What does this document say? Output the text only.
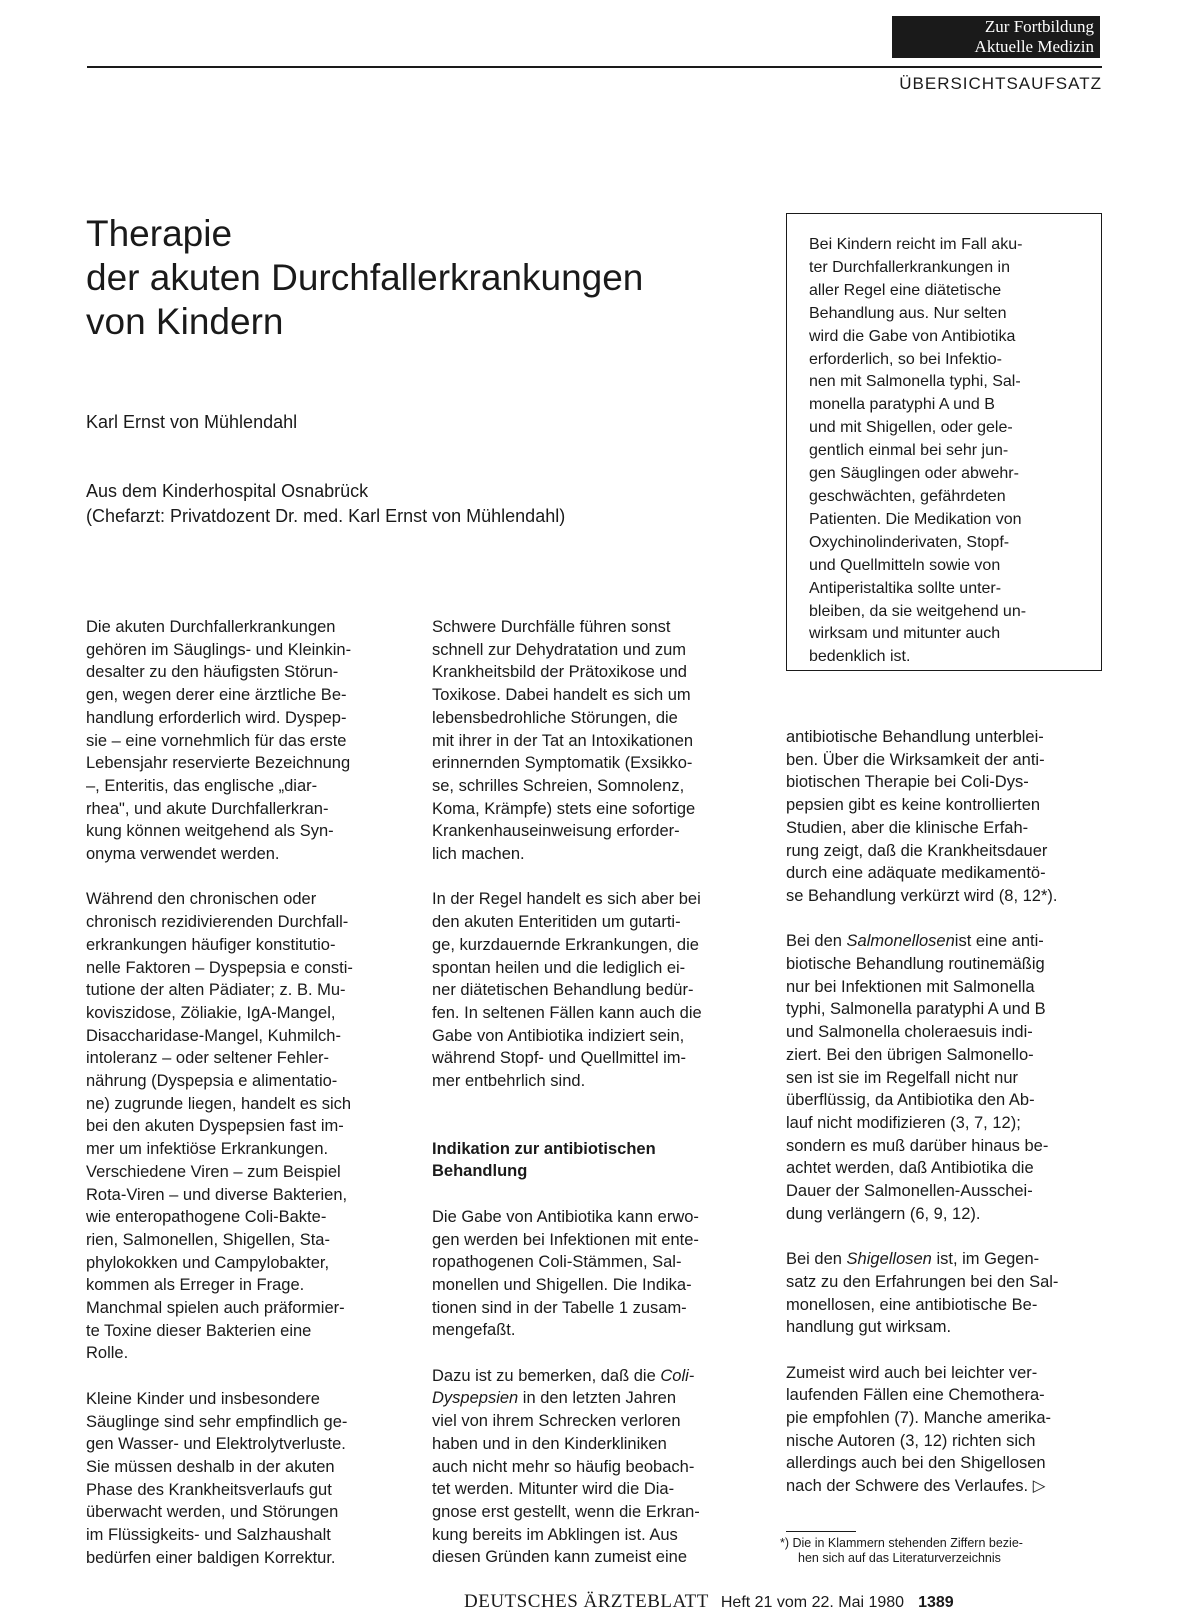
Zur Fortbildung
Aktuelle Medizin
ÜBERSICHTSAUFSATZ
Therapie
der akuten Durchfallerkrankungen
von Kindern
Karl Ernst von Mühlendahl
Aus dem Kinderhospital Osnabrück
(Chefarzt: Privatdozent Dr. med. Karl Ernst von Mühlendahl)
Bei Kindern reicht im Fall aku-
ter Durchfallerkrankungen in
aller Regel eine diätetische
Behandlung aus. Nur selten
wird die Gabe von Antibiotika
erforderlich, so bei Infektio-
nen mit Salmonella typhi, Sal-
monella paratyphi A und B
und mit Shigellen, oder gele-
gentlich einmal bei sehr jun-
gen Säuglingen oder abwehr-
geschwächten, gefährdeten
Patienten. Die Medikation von
Oxychinolinderivaten, Stopf-
und Quellmitteln sowie von
Antiperistaltika sollte unter-
bleiben, da sie weitgehend un-
wirksam und mitunter auch
bedenklich ist.
Die akuten Durchfallerkrankungen
gehören im Säuglings- und Kleinkin-
desalter zu den häufigsten Störun-
gen, wegen derer eine ärztliche Be-
handlung erforderlich wird. Dyspep-
sie – eine vornehmlich für das erste
Lebensjahr reservierte Bezeichnung
–, Enteritis, das englische „diar-
rhea", und akute Durchfallerkran-
kung können weitgehend als Syn-
onyma verwendet werden.
Während den chronischen oder
chronisch rezidivierenden Durchfall-
erkrankungen häufiger konstitutio-
nelle Faktoren – Dyspepsia e consti-
tutione der alten Pädiater; z. B. Mu-
koviszidose, Zöliakie, IgA-Mangel,
Disaccharidase-Mangel, Kuhmilch-
intoleranz – oder seltener Fehler-
nährung (Dyspepsia e alimentatio-
ne) zugrunde liegen, handelt es sich
bei den akuten Dyspepsien fast im-
mer um infektiöse Erkrankungen.
Verschiedene Viren – zum Beispiel
Rota-Viren – und diverse Bakterien,
wie enteropathogene Coli-Bakte-
rien, Salmonellen, Shigellen, Sta-
phylokokken und Campylobakter,
kommen als Erreger in Frage.
Manchmal spielen auch präformier-
te Toxine dieser Bakterien eine
Rolle.
Kleine Kinder und insbesondere
Säuglinge sind sehr empfindlich ge-
gen Wasser- und Elektrolytverluste.
Sie müssen deshalb in der akuten
Phase des Krankheitsverlaufs gut
überwacht werden, und Störungen
im Flüssigkeits- und Salzhaushalt
bedürfen einer baldigen Korrektur.
Schwere Durchfälle führen sonst
schnell zur Dehydratation und zum
Krankheitsbild der Prätoxikose und
Toxikose. Dabei handelt es sich um
lebensbedrohliche Störungen, die
mit ihrer in der Tat an Intoxikationen
erinnernden Symptomatik (Exsikko-
se, schrilles Schreien, Somnolenz,
Koma, Krämpfe) stets eine sofortige
Krankenhauseinweisung erforder-
lich machen.
In der Regel handelt es sich aber bei
den akuten Enteritiden um gutarti-
ge, kurzdauernde Erkrankungen, die
spontan heilen und die lediglich ei-
ner diätetischen Behandlung bedür-
fen. In seltenen Fällen kann auch die
Gabe von Antibiotika indiziert sein,
während Stopf- und Quellmittel im-
mer entbehrlich sind.
Indikation zur antibiotischen
Behandlung
Die Gabe von Antibiotika kann erwo-
gen werden bei Infektionen mit ente-
ropathogenen Coli-Stämmen, Sal-
monellen und Shigellen. Die Indika-
tionen sind in der Tabelle 1 zusam-
mengefaßt.
Dazu ist zu bemerken, daß die Coli-
Dyspepsien in den letzten Jahren
viel von ihrem Schrecken verloren
haben und in den Kinderkliniken
auch nicht mehr so häufig beobach-
tet werden. Mitunter wird die Dia-
gnose erst gestellt, wenn die Erkran-
kung bereits im Abklingen ist. Aus
diesen Gründen kann zumeist eine
antibiotische Behandlung unterblei-
ben. Über die Wirksamkeit der anti-
biotischen Therapie bei Coli-Dys-
pepsien gibt es keine kontrollierten
Studien, aber die klinische Erfah-
rung zeigt, daß die Krankheitsdauer
durch eine adäquate medikamentö-
se Behandlung verkürzt wird (8, 12*).
Bei den Salmonellosenist eine anti-
biotische Behandlung routinemäßig
nur bei Infektionen mit Salmonella
typhi, Salmonella paratyphi A und B
und Salmonella choleraesuis indi-
ziert. Bei den übrigen Salmonello-
sen ist sie im Regelfall nicht nur
überflüssig, da Antibiotika den Ab-
lauf nicht modifizieren (3, 7, 12);
sondern es muß darüber hinaus be-
achtet werden, daß Antibiotika die
Dauer der Salmonellen-Ausschei-
dung verlängern (6, 9, 12).
Bei den Shigellosen ist, im Gegen-
satz zu den Erfahrungen bei den Sal-
monellosen, eine antibiotische Be-
handlung gut wirksam.
Zumeist wird auch bei leichter ver-
laufenden Fällen eine Chemothera-
pie empfohlen (7). Manche amerika-
nische Autoren (3, 12) richten sich
allerdings auch bei den Shigellosen
nach der Schwere des Verlaufes. ▷
*) Die in Klammern stehenden Ziffern bezie-
hen sich auf das Literaturverzeichnis
DEUTSCHES ÄRZTEBLATT Heft 21 vom 22. Mai 1980 1389
